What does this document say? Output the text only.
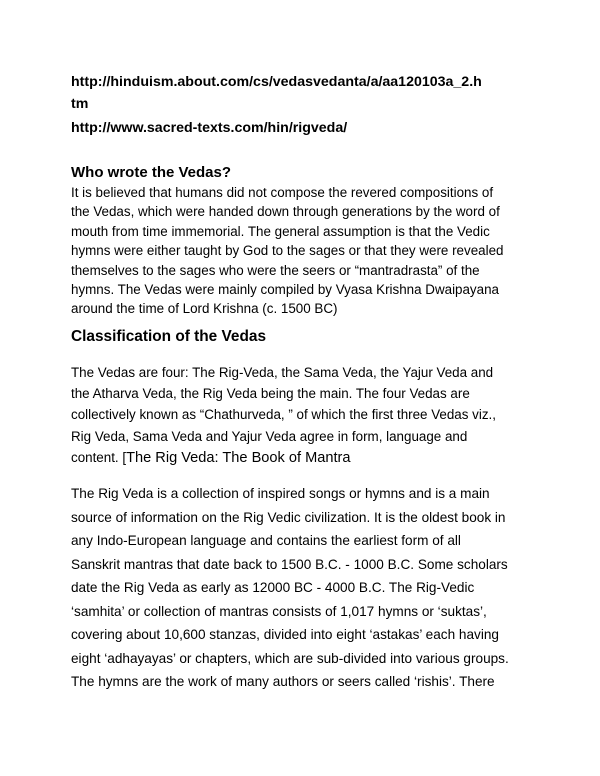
http://hinduism.about.com/cs/vedasvedanta/a/aa120103a_2.h
tm
http://www.sacred-texts.com/hin/rigveda/
Who wrote the Vedas?
It is believed that humans did not compose the revered compositions of
the Vedas, which were handed down through generations by the word of
mouth from time immemorial. The general assumption is that the Vedic
hymns were either taught by God to the sages or that they were revealed
themselves to the sages who were the seers or “mantradrasta” of the
hymns. The Vedas were mainly compiled by Vyasa Krishna Dwaipayana
around the time of Lord Krishna (c. 1500 BC)
Classification of the Vedas
The Vedas are four: The Rig-Veda, the Sama Veda, the Yajur Veda and
the Atharva Veda, the Rig Veda being the main. The four Vedas are
collectively known as “Chathurveda, ” of which the first three Vedas viz.,
Rig Veda, Sama Veda and Yajur Veda agree in form, language and
content. [The Rig Veda: The Book of Mantra
The Rig Veda is a collection of inspired songs or hymns and is a main
source of information on the Rig Vedic civilization. It is the oldest book in
any Indo-European language and contains the earliest form of all
Sanskrit mantras that date back to 1500 B.C. - 1000 B.C. Some scholars
date the Rig Veda as early as 12000 BC - 4000 B.C. The Rig-Vedic
‘samhita’ or collection of mantras consists of 1,017 hymns or ‘suktas’,
covering about 10,600 stanzas, divided into eight ‘astakas’ each having
eight ‘adhayayas’ or chapters, which are sub-divided into various groups.
The hymns are the work of many authors or seers called ‘rishis’. There
